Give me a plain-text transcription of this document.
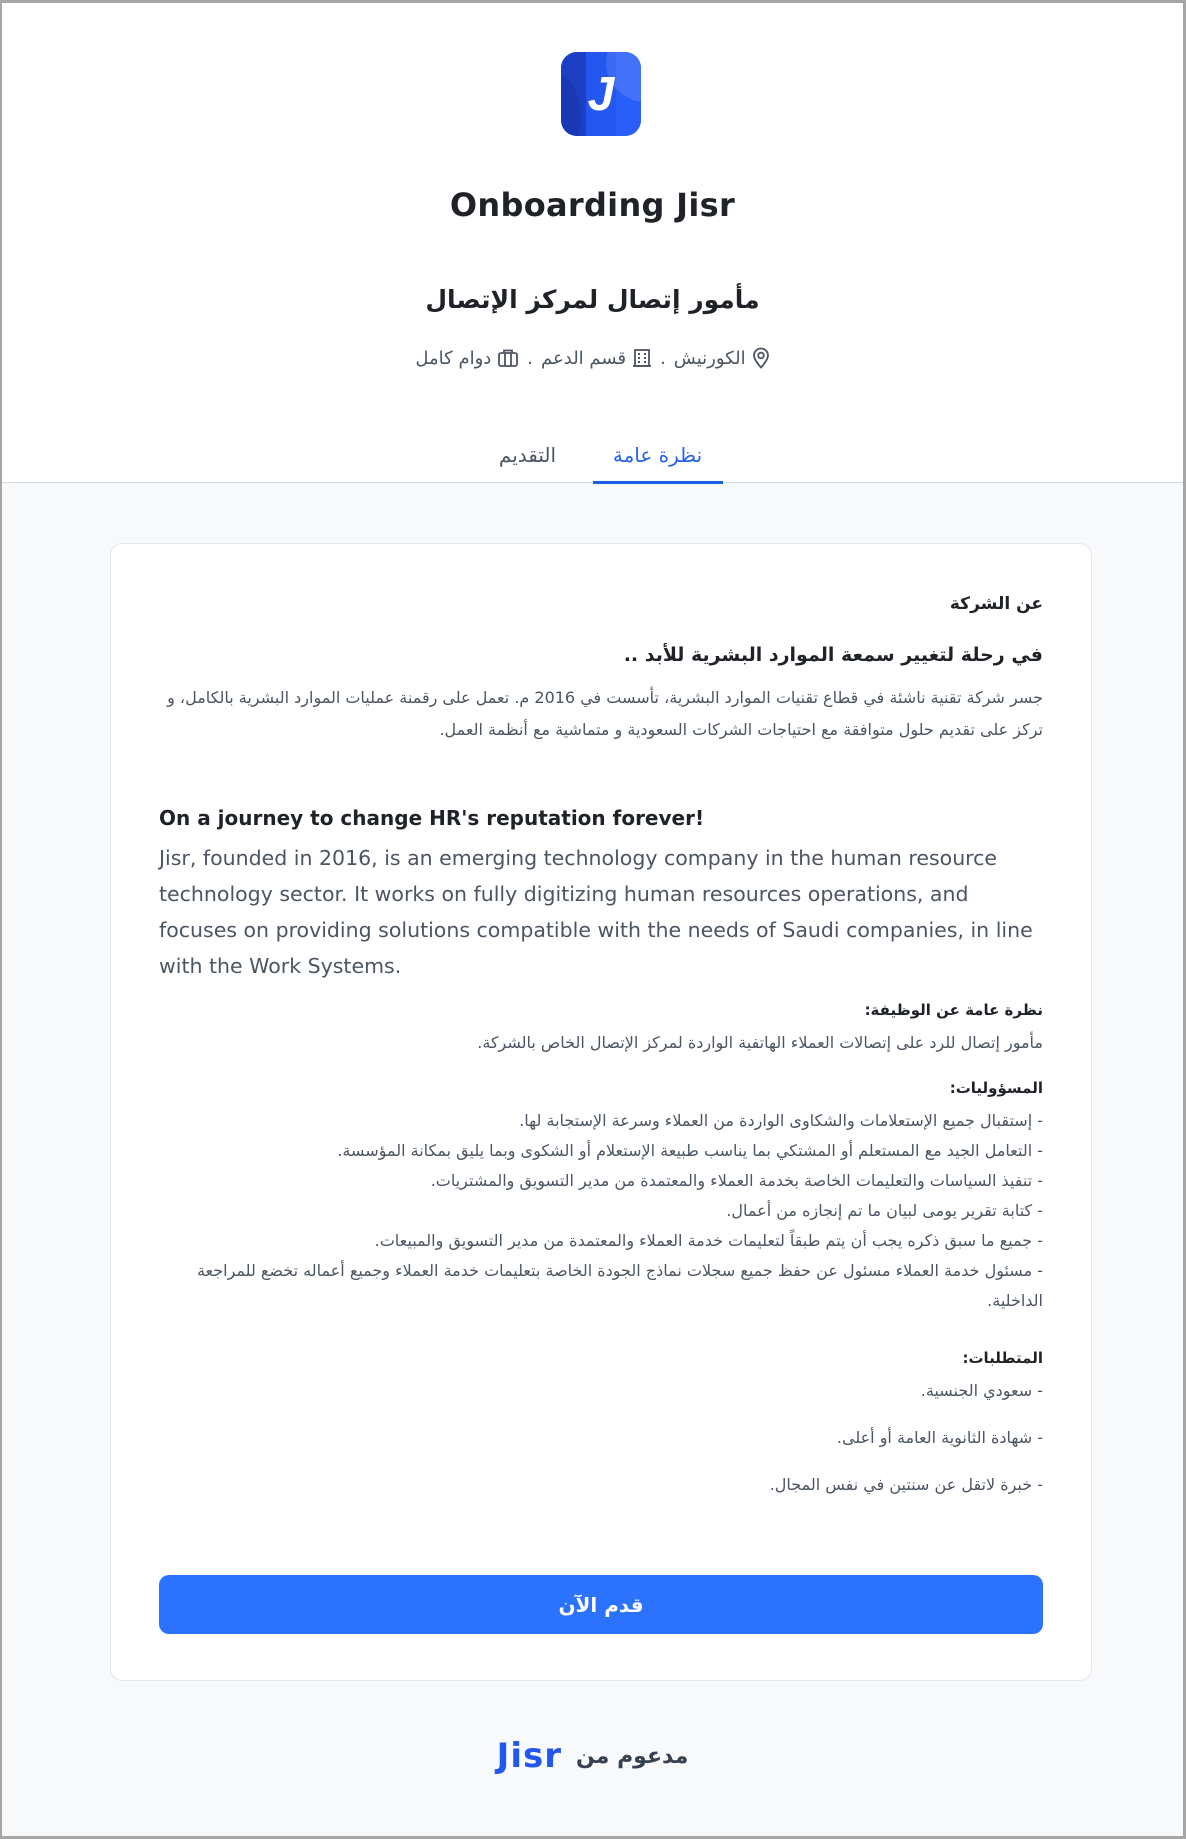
J
Onboarding Jisr
مأمور إتصال لمركز الإتصال
الكورنيش
.
قسم الدعم
.
دوام كامل
نظرة عامة
التقديم
عن الشركة
في رحلة لتغيير سمعة الموارد البشرية للأبد ..
جسر شركة تقنية ناشئة في قطاع تقنيات الموارد البشرية، تأسست في 2016 م. تعمل على رقمنة عمليات الموارد البشرية بالكامل، و تركز على تقديم حلول متوافقة مع احتياجات الشركات السعودية و متماشية مع أنظمة العمل.
On a journey to change HR's reputation forever!
Jisr, founded in 2016, is an emerging technology company in the human resource technology sector. It works on fully digitizing human resources operations, and focuses on providing solutions compatible with the needs of Saudi companies, in line with the Work Systems.
نظرة عامة عن الوظيفة:
مأمور إتصال للرد على إتصالات العملاء الهاتفية الواردة لمركز الإتصال الخاص بالشركة.
المسؤوليات:
- إستقبال جميع الإستعلامات والشكاوى الواردة من العملاء وسرعة الإستجابة لها.
- التعامل الجيد مع المستعلم أو المشتكي بما يناسب طبيعة الإستعلام أو الشكوى وبما يليق بمكانة المؤسسة.
- تنفيذ السياسات والتعليمات الخاصة بخدمة العملاء والمعتمدة من مدير التسويق والمشتريات.
- كتابة تقرير يومى لبيان ما تم إنجازه من أعمال.
- جميع ما سبق ذكره يجب أن يتم طبقاً لتعليمات خدمة العملاء والمعتمدة من مدير التسويق والمبيعات.
- مسئول خدمة العملاء مسئول عن حفظ جميع سجلات نماذج الجودة الخاصة بتعليمات خدمة العملاء وجميع أعماله تخضع للمراجعة الداخلية.
المتطلبات:
- سعودي الجنسية.
- شهادة الثانوية العامة أو أعلى.
- خبرة لاتقل عن سنتين في نفس المجال.
قدم الآن
مدعوم من
Jisr
